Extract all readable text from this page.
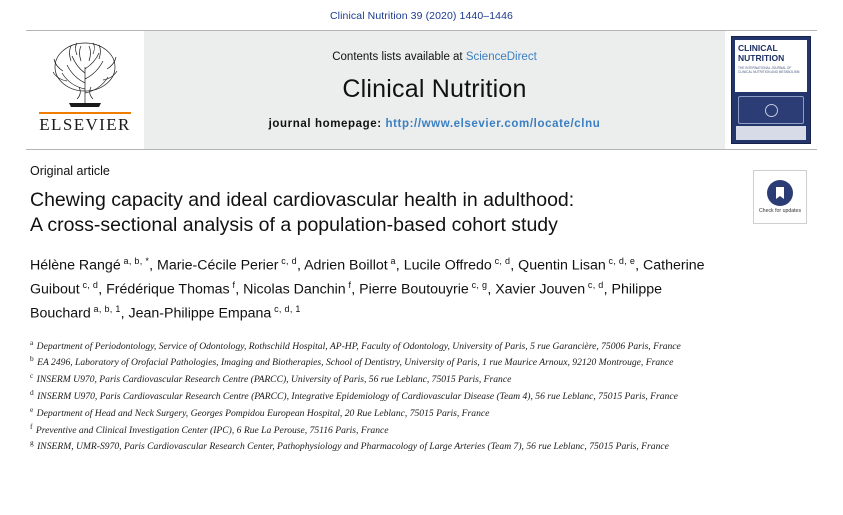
Clinical Nutrition 39 (2020) 1440–1446
ELSEVIER
Contents lists available at ScienceDirect
Clinical Nutrition
journal homepage: http://www.elsevier.com/locate/clnu
CLINICAL NUTRITION
THE INTERNATIONAL JOURNAL OF CLINICAL NUTRITION AND METABOLISM
Check for updates
Original article
Chewing capacity and ideal cardiovascular health in adulthood:
A cross-sectional analysis of a population-based cohort study
Hélène Rangé $^{a, b, *}$, Marie-Cécile Perier $^{c, d}$, Adrien Boillot $^a$, Lucile Offredo $^{c, d}$, Quentin Lisan $^{c, d, e}$, Catherine Guibout $^{c, d}$, Frédérique Thomas $^f$, Nicolas Danchin $^f$, Pierre Boutouyrie $^{c, g}$, Xavier Jouven $^{c, d}$, Philippe Bouchard $^{a, b, 1}$, Jean-Philippe Empana $^{c, d, 1}$
$^a$ Department of Periodontology, Service of Odontology, Rothschild Hospital, AP-HP, Faculty of Odontology, University of Paris, 5 rue Garancière, 75006 Paris, France
$^b$ EA 2496, Laboratory of Orofacial Pathologies, Imaging and Biotherapies, School of Dentistry, University of Paris, 1 rue Maurice Arnoux, 92120 Montrouge, France
$^c$ INSERM U970, Paris Cardiovascular Research Centre (PARCC), University of Paris, 56 rue Leblanc, 75015 Paris, France
$^d$ INSERM U970, Paris Cardiovascular Research Centre (PARCC), Integrative Epidemiology of Cardiovascular Disease (Team 4), 56 rue Leblanc, 75015 Paris, France
$^e$ Department of Head and Neck Surgery, Georges Pompidou European Hospital, 20 Rue Leblanc, 75015 Paris, France
$^f$ Preventive and Clinical Investigation Center (IPC), 6 Rue La Perouse, 75116 Paris, France
$^g$ INSERM, UMR-S970, Paris Cardiovascular Research Center, Pathophysiology and Pharmacology of Large Arteries (Team 7), 56 rue Leblanc, 75015 Paris, France
